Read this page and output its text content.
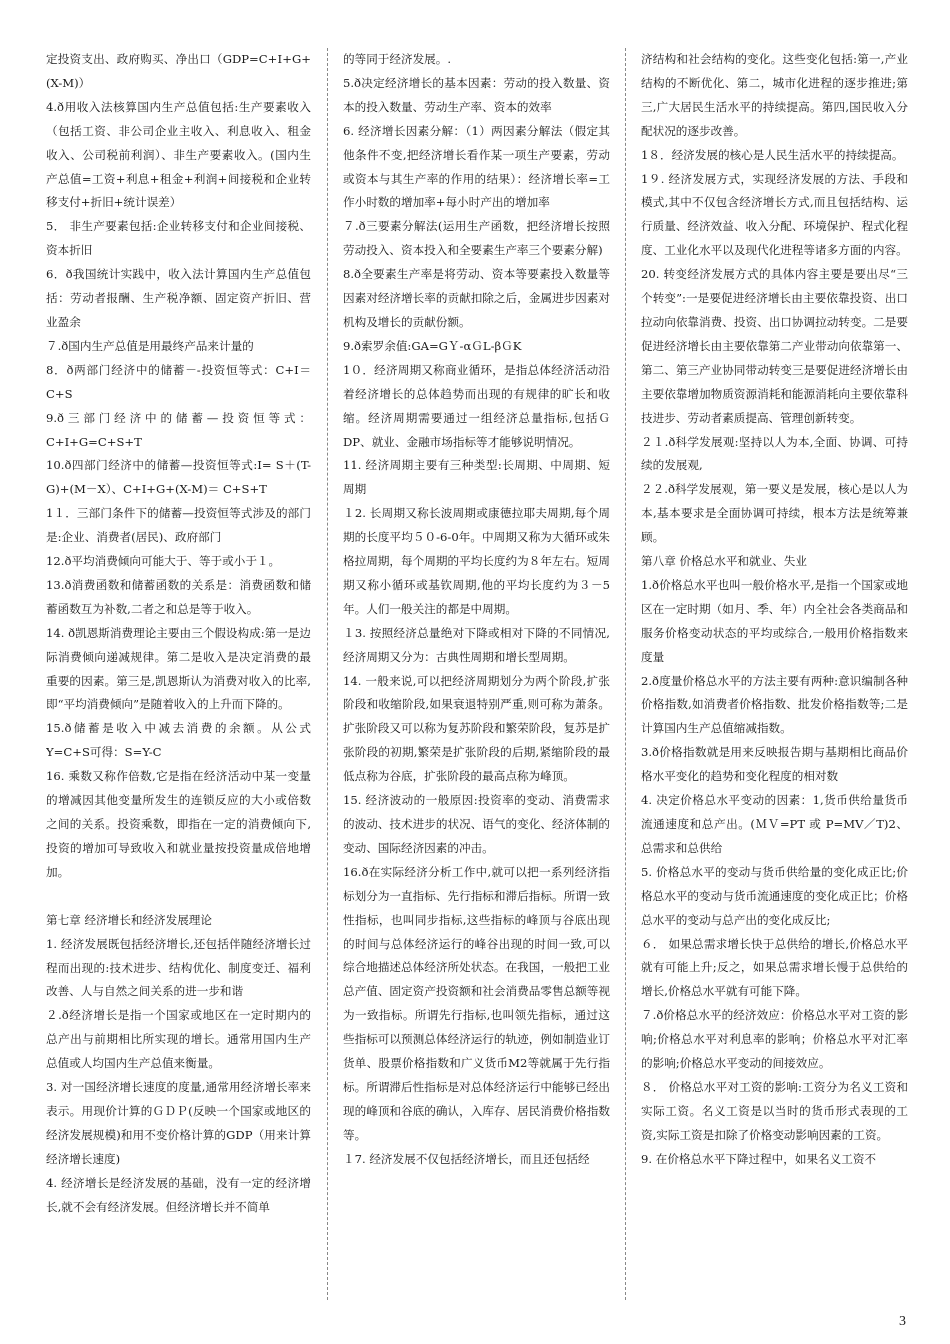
定投资支出、政府购买、净出口（GDP=C+Ⅰ+G+(X-M)）

4.ð用收入法核算国内生产总值包括:生产要素收入（包括工资、非公司企业主收入、利息收入、租金收入、公司税前利润）、非生产要素收入。(国内生产总值=工资+利息+租金+利润+间接税和企业转移支付+折旧+统计误差）

5． 非生产要素包括:企业转移支付和企业间接税、资本折旧

6．ð我国统计实践中，收入法计算国内生产总值包括：劳动者报酬、生产税净额、固定资产折旧、营业盈余

７.ð国内生产总值是用最终产品来计量的

8．ð两部门经济中的储蓄－-投资恒等式：C+I＝C+S

9.ð三部门经济中的储蓄—投资恒等式：C+I+G=C+S+T

10.ð四部门经济中的储蓄—投资恒等式:I= S＋(T-G)+(M－X）、C+I+G+(X-M)＝ C+S+T

1１．三部门条件下的储蓄—投资恒等式涉及的部门是:企业、消费者(居民)、政府部门

12.ð平均消费倾向可能大于、等于或小于１。

13.ð消费函数和储蓄函数的关系是：消费函数和储蓄函数互为补数,二者之和总是等于收入。

14. ð凯恩斯消费理论主要由三个假设构成:第一是边际消费倾向递减规律。第二是收入是决定消费的最重要的因素。第三是,凯恩斯认为消费对收入的比率,即“平均消费倾向”是随着收入的上升而下降的。

15.ð储蓄是收入中减去消费的余额。从公式Y=C+S可得：S=Y-C

16. 乘数又称作倍数,它是指在经济活动中某一变量的增减因其他变量所发生的连锁反应的大小或倍数之间的关系。投资乘数，即指在一定的消费倾向下,投资的增加可导致收入和就业量按投资量成倍地增加。

第七章 经济增长和经济发展理论

1. 经济发展既包括经济增长,还包括伴随经济增长过程而出现的:技术进步、结构优化、制度变迁、福利改善、人与自然之间关系的进一步和谐

２.ð经济增长是指一个国家或地区在一定时期内的总产出与前期相比所实现的增长。通常用国内生产总值或人均国内生产总值来衡量。

3. 对一国经济增长速度的度量,通常用经济增长率来表示。用现价计算的ＧＤＰ(反映一个国家或地区的经济发展规模)和用不变价格计算的GDP（用来计算经济增长速度)

4. 经济增长是经济发展的基础，没有一定的经济增长,就不会有经济发展。但经济增长并不简单

的等同于经济发展。.

5.ð决定经济增长的基本因素：劳动的投入数量、资本的投入数量、劳动生产率、资本的效率

6. 经济增长因素分解：（1）两因素分解法（假定其他条件不变,把经济增长看作某一项生产要素，劳动或资本与其生产率的作用的结果）：经济增长率=工作小时数的增加率+每小时产出的增加率

７.ð三要素分解法(运用生产函数，把经济增长按照劳动投入、资本投入和全要素生产率三个要素分解)

8.ð全要素生产率是将劳动、资本等要素投入数量等因素对经济增长率的贡献扣除之后，金属进步因素对机构及增长的贡献份额。

9.ð索罗余值:GA=GＹ-αＧL-βＧK

1０．经济周期又称商业循环，是指总体经济活动沿着经济增长的总体趋势而出现的有规律的旷长和收缩。经济周期需要通过一组经济总量指标,包括ＧDP、就业、金融市场指标等才能够说明情况。

11. 经济周期主要有三种类型:长周期、中周期、短周期

１2. 长周期又称长波周期或康德拉耶夫周期,每个周期的长度平均５０-6-0年。中周期又称为大循环或朱格拉周期，每个周期的平均长度约为８年左右。短周期又称小循环或基钦周期,他的平均长度约为３－5年。人们一般关注的都是中周期。

１3. 按照经济总量绝对下降或相对下降的不同情况,经济周期又分为：古典性周期和增长型周期。

14. 一般来说,可以把经济周期划分为两个阶段,扩张阶段和收缩阶段,如果衰退特别严重,则可称为萧条。扩张阶段又可以称为复苏阶段和繁荣阶段，复苏是扩张阶段的初期,繁荣是扩张阶段的后期,紧缩阶段的最低点称为谷底，扩张阶段的最高点称为峰顶。

15. 经济波动的一般原因:投资率的变动、消费需求的波动、技术进步的状况、语气的变化、经济体制的变动、国际经济因素的冲击。

16.ð在实际经济分析工作中,就可以把一系列经济指标划分为一直指标、先行指标和滞后指标。所谓一致性指标，也叫同步指标,这些指标的峰顶与谷底出现的时间与总体经济运行的峰谷出现的时间一致,可以综合地描述总体经济所处状态。在我国，一般把工业总产值、固定资产投资额和社会消费品零售总额等视为一致指标。所谓先行指标,也叫领先指标，通过这些指标可以预测总体经济运行的轨迹，例如制造业订货单、股票价格指数和广义货币M2等就属于先行指标。所谓滞后性指标是对总体经济运行中能够已经出现的峰顶和谷底的确认，入库存、居民消费价格指数等。

１7. 经济发展不仅包括经济增长，而且还包括经

济结构和社会结构的变化。这些变化包括:第一,产业结构的不断优化、第二，城市化进程的逐步推进;第三,广大居民生活水平的持续提高。第四,国民收入分配状况的逐步改善。

1８．经济发展的核心是人民生活水平的持续提高。

1９. 经济发展方式，实现经济发展的方法、手段和模式,其中不仅包含经济增长方式,而且包括结构、运行质量、经济效益、收入分配、环境保护、程式化程度、工业化水平以及现代化进程等诸多方面的内容。

20. 转变经济发展方式的具体内容主要是要出尽“三个转变”:一是要促进经济增长由主要依靠投资、出口拉动向依靠消费、投资、出口协调拉动转变。二是要促进经济增长由主要依靠第二产业带动向依靠第一、第二、第三产业协同带动转变三是要促进经济增长由主要依靠增加物质资源消耗和能源消耗向主要依靠科技进步、劳动者素质提高、管理创新转变。

２１.ð科学发展观:坚持以人为本,全面、协调、可持续的发展观,

２２.ð科学发展观，第一要义是发展，核心是以人为本,基本要求是全面协调可持续，根本方法是统筹兼顾。

第八章 价格总水平和就业、失业

1.ð价格总水平也叫一般价格水平,是指一个国家或地区在一定时期（如月、季、年）内全社会各类商品和服务价格变动状态的平均或综合,一般用价格指数来度量

2.ð度量价格总水平的方法主要有两种:意识编制各种价格指数,如消费者价格指数、批发价格指数等;二是计算国内生产总值缩减指数。

3.ð价格指数就是用来反映报告期与基期相比商品价格水平变化的趋势和变化程度的相对数

4. 决定价格总水平变动的因素：1,货币供给量货币流通速度和总产出。(ＭＶ=PT 或 P=MV／T)2、总需求和总供给

5. 价格总水平的变动与货币供给量的变化成正比;价格总水平的变动与货币流通速度的变化成正比；价格总水平的变动与总产出的变化成反比;

６． 如果总需求增长快于总供给的增长,价格总水平就有可能上升;反之，如果总需求增长慢于总供给的增长,价格总水平就有可能下降。

７.ð价格总水平的经济效应：价格总水平对工资的影响;价格总水平对利息率的影响；价格总水平对汇率的影响;价格总水平变动的间接效应。

８． 价格总水平对工资的影响:工资分为名义工资和实际工资。名义工资是以当时的货币形式表现的工资,实际工资是扣除了价格变动影响因素的工资。

9. 在价格总水平下降过程中，如果名义工资不

3
